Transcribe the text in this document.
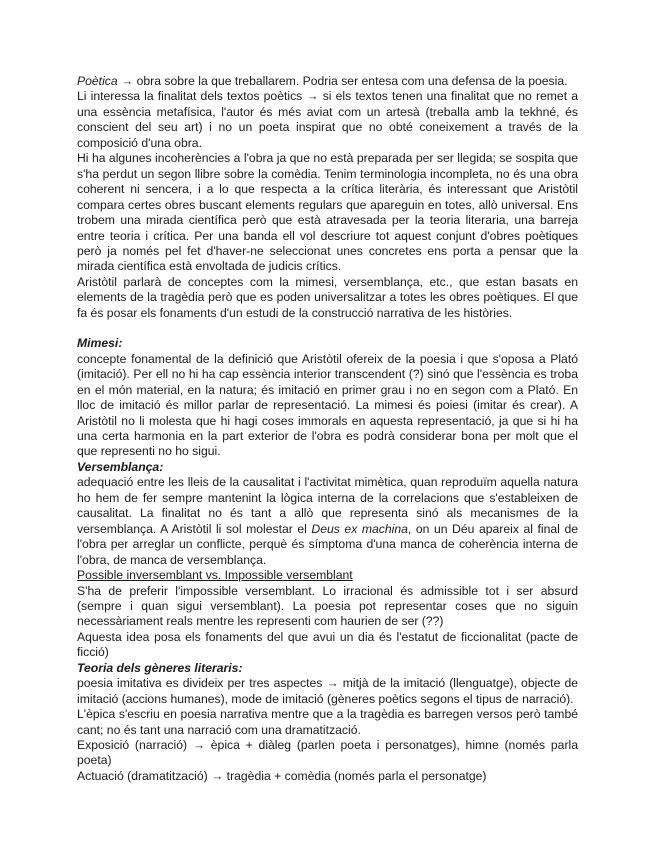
Poètica → obra sobre la que treballarem. Podria ser entesa com una defensa de la poesia.

Li interessa la finalitat dels textos poètics → si els textos tenen una finalitat que no remet a una essència metafísica, l'autor és més aviat com un artesà (treballa amb la tekhné, és conscient del seu art) i no un poeta inspirat que no obté coneixement a través de la composició d'una obra.

Hi ha algunes incoherències a l'obra ja que no està preparada per ser llegida; se sospita que s'ha perdut un segon llibre sobre la comèdia. Tenim terminologia incompleta, no és una obra coherent ni sencera, i a lo que respecta a la crítica literària, és interessant que Aristòtil compara certes obres buscant elements regulars que apareguin en totes, allò universal. Ens trobem una mirada científica però que està atravesada per la teoria literaria, una barreja entre teoria i crítica. Per una banda ell vol descriure tot aquest conjunt d'obres poètiques però ja només pel fet d'haver-ne seleccionat unes concretes ens porta a pensar que la mirada científica està envoltada de judicis crítics.

Aristòtil parlarà de conceptes com la mimesi, versemblança, etc., que estan basats en elements de la tragèdia però que es poden universalitzar a totes les obres poètiques. El que fa és posar els fonaments d'un estudi de la construcció narrativa de les històries.

Mimesi:

concepte fonamental de la definició que Aristòtil ofereix de la poesia i que s'oposa a Plató (imitació). Per ell no hi ha cap essència interior transcendent (?) sinó que l'essència es troba en el món material, en la natura; és imitació en primer grau i no en segon com a Plató. En lloc de imitació és millor parlar de representació. La mimesi és poiesi (imitar és crear). A Aristòtil no li molesta que hi hagi coses immorals en aquesta representació, ja que si hi ha una certa harmonia en la part exterior de l'obra es podrà considerar bona per molt que el que representi no ho sigui.

Versemblança:

adequació entre les lleis de la causalitat i l'activitat mimètica, quan reproduïm aquella natura ho hem de fer sempre mantenint la lògica interna de la correlacions que s'estableixen de causalitat. La finalitat no és tant a allò que representa sinó als mecanismes de la versemblança. A Aristòtil li sol molestar el Deus ex machina, on un Déu apareix al final de l'obra per arreglar un conflicte, perquè és símptoma d'una manca de coherència interna de l'obra, de manca de versemblança.

Possible inversemblant vs. Impossible versemblant

S'ha de preferir l'impossible versemblant. Lo irracional és admissible tot i ser absurd (sempre i quan sigui versemblant). La poesia pot representar coses que no siguin necessàriament reals mentre les representi com haurien de ser (??)

Aquesta idea posa els fonaments del que avui un dia és l'estatut de ficcionalitat (pacte de ficció)

Teoria dels gèneres literaris:

poesia imitativa es divideix per tres aspectes → mitjà de la imitació (llenguatge), objecte de imitació (accions humanes), mode de imitació (gèneres poètics segons el tipus de narració).

L'èpica s'escriu en poesia narrativa mentre que a la tragèdia es barregen versos però també cant; no és tant una narració com una dramatització.

Exposició (narració) → èpica + diàleg (parlen poeta i personatges), himne (només parla poeta)

Actuació (dramatització) → tragèdia + comèdia (només parla el personatge)
